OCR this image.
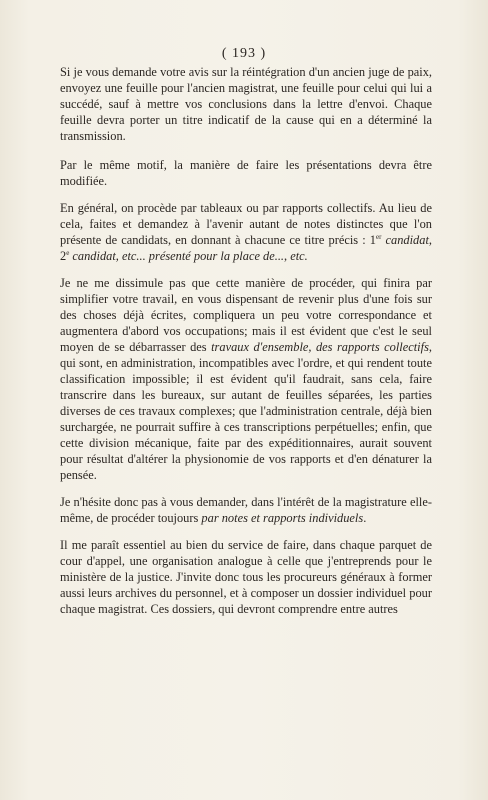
( 193 )

Si je vous demande votre avis sur la réintégration d'un ancien juge de paix, envoyez une feuille pour l'ancien magistrat, une feuille pour celui qui lui a succédé, sauf à mettre vos conclusions dans la lettre d'envoi. Chaque feuille devra porter un titre indicatif de la cause qui en a déterminé la transmission.

Par le même motif, la manière de faire les présentations devra être modifiée.

En général, on procède par tableaux ou par rapports collectifs. Au lieu de cela, faites et demandez à l'avenir autant de notes distinctes que l'on présente de candidats, en donnant à chacune ce titre précis : 1er candidat, 2e candidat, etc... présenté pour la place de..., etc.

Je ne me dissimule pas que cette manière de procéder, qui finira par simplifier votre travail, en vous dispensant de revenir plus d'une fois sur des choses déjà écrites, compliquera un peu votre correspondance et augmentera d'abord vos occupations; mais il est évident que c'est le seul moyen de se débarrasser des travaux d'ensemble, des rapports collectifs, qui sont, en administration, incompatibles avec l'ordre, et qui rendent toute classification impossible; il est évident qu'il faudrait, sans cela, faire transcrire dans les bureaux, sur autant de feuilles séparées, les parties diverses de ces travaux complexes; que l'administration centrale, déjà bien surchargée, ne pourrait suffire à ces transcriptions perpétuelles; enfin, que cette division mécanique, faite par des expéditionnaires, aurait souvent pour résultat d'altérer la physionomie de vos rapports et d'en dénaturer la pensée.

Je n'hésite donc pas à vous demander, dans l'intérêt de la magistrature elle-même, de procéder toujours par notes et rapports individuels.

Il me paraît essentiel au bien du service de faire, dans chaque parquet de cour d'appel, une organisation analogue à celle que j'entreprends pour le ministère de la justice. J'invite donc tous les procureurs généraux à former aussi leurs archives du personnel, et à composer un dossier individuel pour chaque magistrat. Ces dossiers, qui devront comprendre entre autres
